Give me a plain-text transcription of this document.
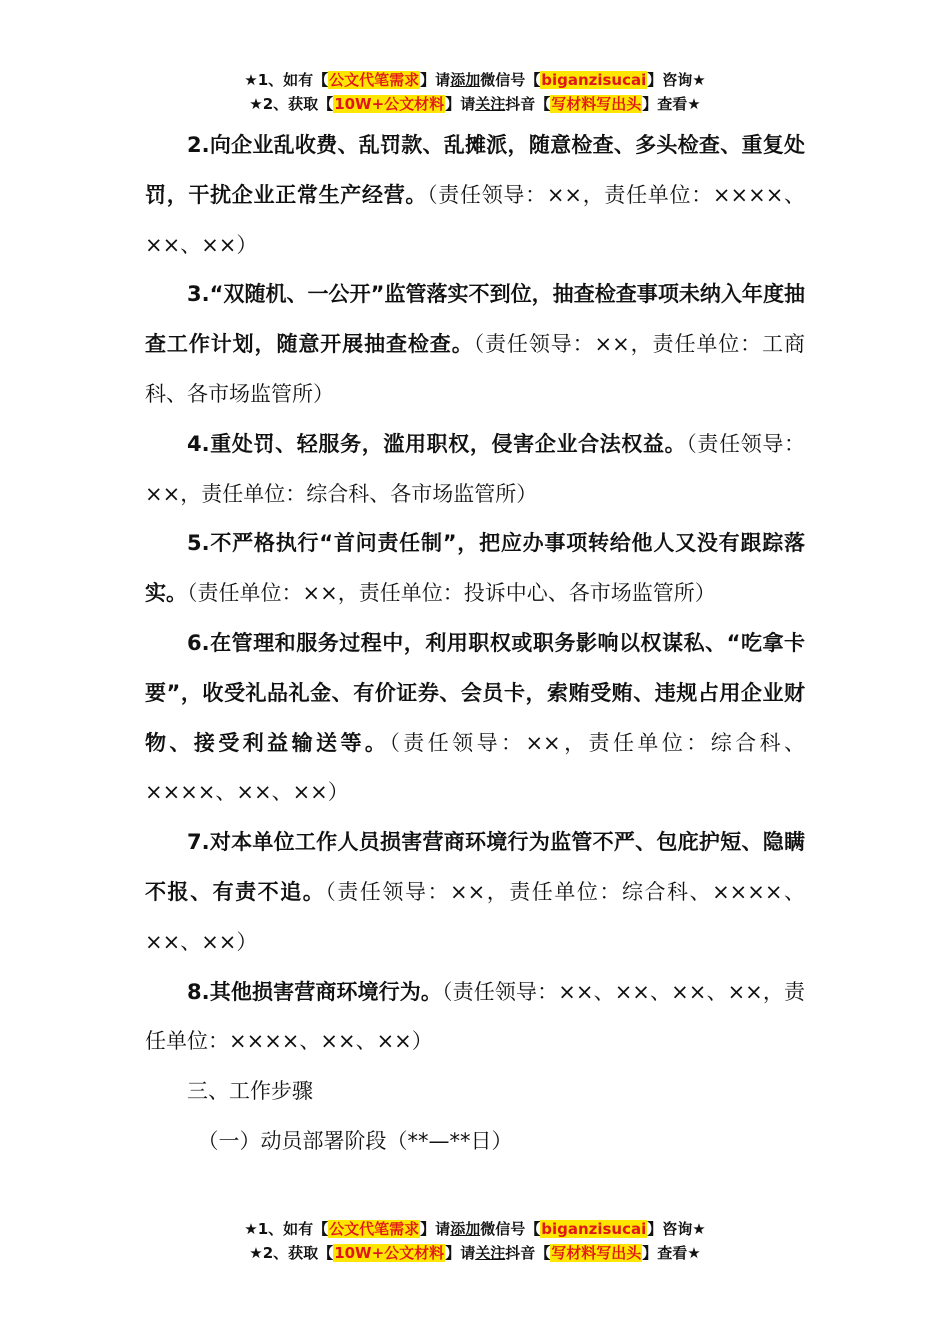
★1、如有【公文代笔需求】请添加微信号【biganzisucai】咨询★
★2、获取【10W+公文材料】请关注抖音【写材料写出头】查看★

2.向企业乱收费、乱罚款、乱摊派，随意检查、多头检查、重复处罚，干扰企业正常生产经营。（责任领导：××，责任单位：××××、××、××）

3.“双随机、一公开”监管落实不到位，抽查检查事项未纳入年度抽查工作计划，随意开展抽查检查。（责任领导：××，责任单位：工商科、各市场监管所）

4.重处罚、轻服务，滥用职权，侵害企业合法权益。（责任领导：××，责任单位：综合科、各市场监管所）

5.不严格执行“首问责任制”，把应办事项转给他人又没有跟踪落实。（责任单位：××，责任单位：投诉中心、各市场监管所）

6.在管理和服务过程中，利用职权或职务影响以权谋私、“吃拿卡要”，收受礼品礼金、有价证券、会员卡，索贿受贿、违规占用企业财物、接受利益输送等。（责任领导：××，责任单位：综合科、××××、××、××）

7.对本单位工作人员损害营商环境行为监管不严、包庇护短、隐瞒不报、有责不追。（责任领导：××，责任单位：综合科、××××、××、××）

8.其他损害营商环境行为。（责任领导：××、××、××、××，责任单位：××××、××、××）

三、工作步骤

（一）动员部署阶段（**—**日）

★1、如有【公文代笔需求】请添加微信号【biganzisucai】咨询★
★2、获取【10W+公文材料】请关注抖音【写材料写出头】查看★
